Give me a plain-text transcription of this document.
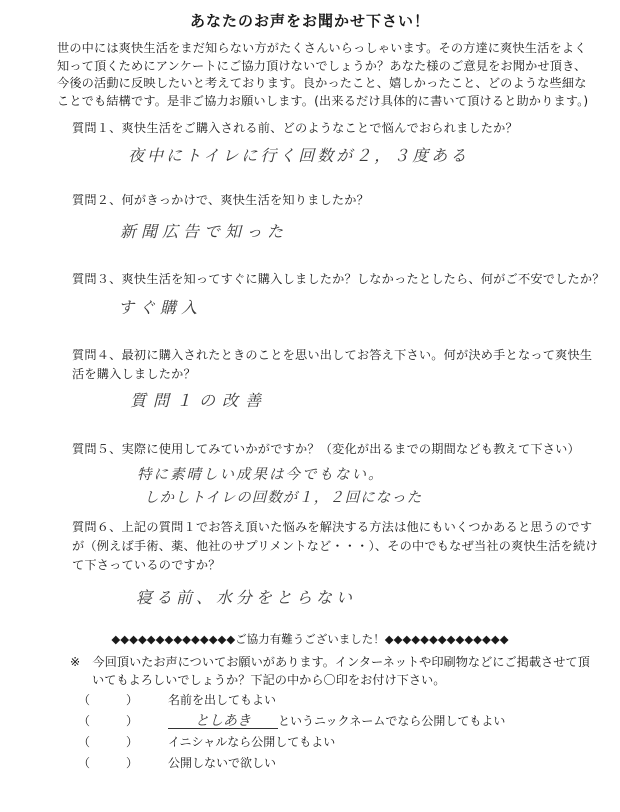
あなたのお声をお聞かせ下さい！
世の中には爽快生活をまだ知らない方がたくさんいらっしゃいます。その方達に爽快生活をよく
知って頂くためにアンケートにご協力頂けないでしょうか？あなた様のご意見をお聞かせ頂き、
今後の活動に反映したいと考えております。良かったこと、嬉しかったこと、どのような些細な
ことでも結構です。是非ご協力お願いします。(出来るだけ具体的に書いて頂けると助かります。)
質問１、爽快生活をご購入される前、どのようなことで悩んでおられましたか？
夜中にトイレに行く回数が２，３度ある
質問２、何がきっかけで、爽快生活を知りましたか？
新聞広告で知った
質問３、爽快生活を知ってすぐに購入しましたか？しなかったとしたら、何がご不安でしたか？
すぐ購入
質問４、最初に購入されたときのことを思い出してお答え下さい。何が決め手となって爽快生
活を購入しましたか？
質問１の改善
質問５、実際に使用してみていかがですか？（変化が出るまでの期間なども教えて下さい）
特に素晴しい成果は今でもない。
しかしトイレの回数が１，２回になった
質問６、上記の質問１でお答え頂いた悩みを解決する方法は他にもいくつかあると思うのです
が（例えば手術、薬、他社のサプリメントなど・・・）、その中でもなぜ当社の爽快生活を続け
て下さっているのですか？
寝る前、水分をとらない
◆◆◆◆◆◆◆◆◆◆◆◆◆◆ご協力有難うございました！◆◆◆◆◆◆◆◆◆◆◆◆◆◆
※　今回頂いたお声についてお願いがあります。インターネットや印刷物などにご掲載させて頂
いてもよろしいでしょうか？下記の中から〇印をお付け下さい。
（　　　） 名前を出してもよい
（　　　）	としあき というニックネームでなら公開してもよい
（　　　） イニシャルなら公開してもよい
（　　　） 公開しないで欲しい
